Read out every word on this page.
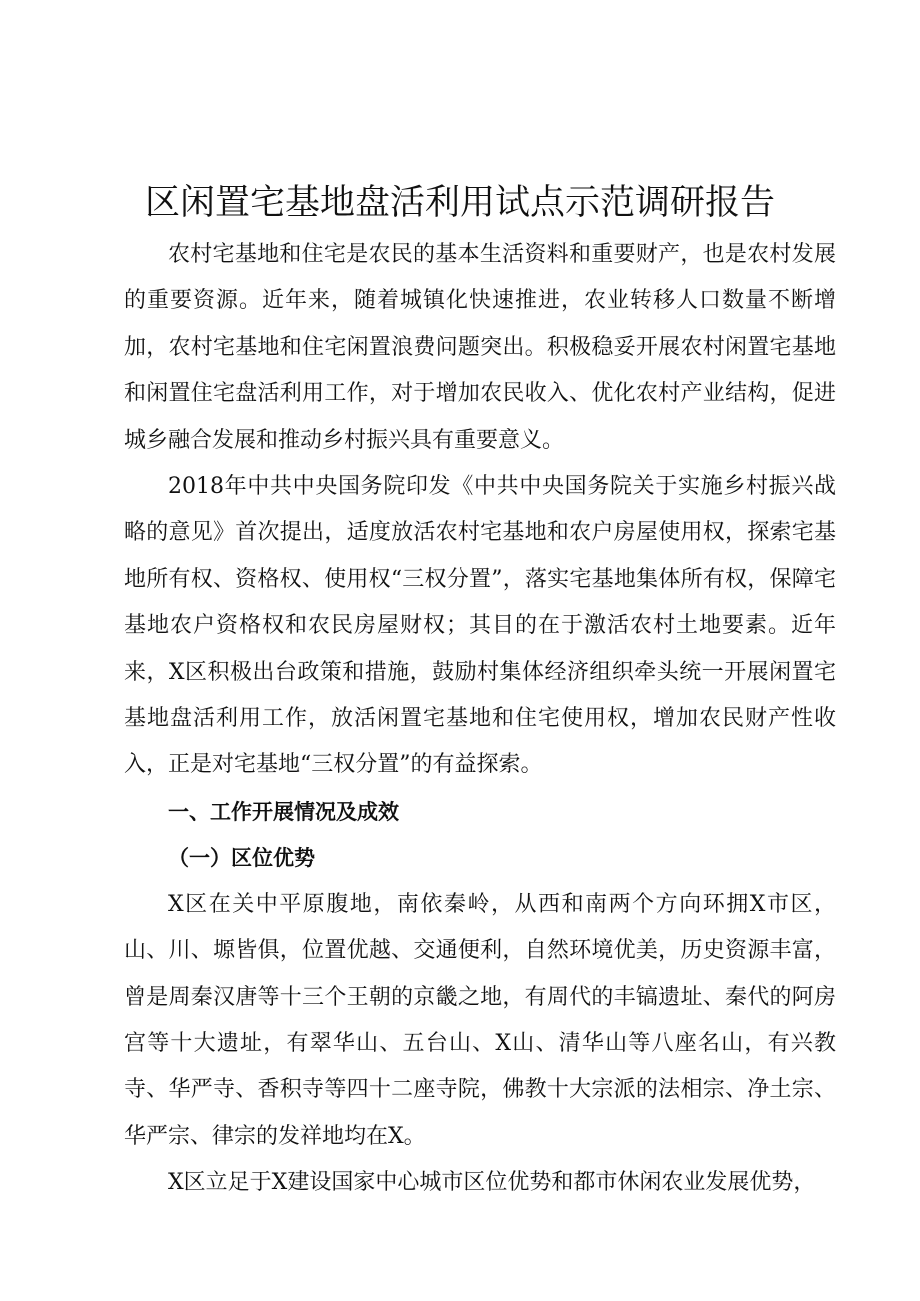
区闲置宅基地盘活利用试点示范调研报告

农村宅基地和住宅是农民的基本生活资料和重要财产，也是农村发展的重要资源。近年来，随着城镇化快速推进，农业转移人口数量不断增加，农村宅基地和住宅闲置浪费问题突出。积极稳妥开展农村闲置宅基地和闲置住宅盘活利用工作，对于增加农民收入、优化农村产业结构，促进城乡融合发展和推动乡村振兴具有重要意义。

2018年中共中央国务院印发《中共中央国务院关于实施乡村振兴战略的意见》首次提出，适度放活农村宅基地和农户房屋使用权，探索宅基地所有权、资格权、使用权“三权分置”，落实宅基地集体所有权，保障宅基地农户资格权和农民房屋财权；其目的在于激活农村土地要素。近年来，X区积极出台政策和措施，鼓励村集体经济组织牵头统一开展闲置宅基地盘活利用工作，放活闲置宅基地和住宅使用权，增加农民财产性收入，正是对宅基地“三权分置”的有益探索。

一、工作开展情况及成效

（一）区位优势

X区在关中平原腹地，南依秦岭，从西和南两个方向环拥X市区，山、川、塬皆俱，位置优越、交通便利，自然环境优美，历史资源丰富，曾是周秦汉唐等十三个王朝的京畿之地，有周代的丰镐遗址、秦代的阿房宫等十大遗址，有翠华山、五台山、X山、清华山等八座名山，有兴教寺、华严寺、香积寺等四十二座寺院，佛教十大宗派的法相宗、净土宗、华严宗、律宗的发祥地均在X。

X区立足于X建设国家中心城市区位优势和都市休闲农业发展优势，
